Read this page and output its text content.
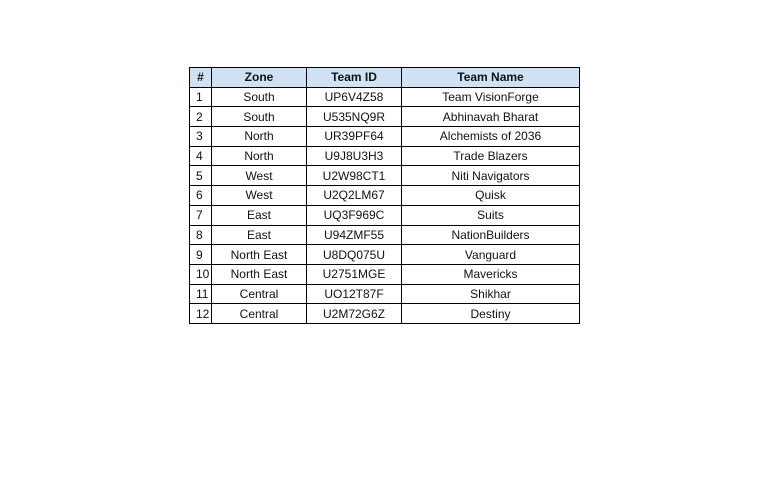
#	Zone	Team ID	Team Name
1	South	UP6V4Z58	Team VisionForge
2	South	U535NQ9R	Abhinavah Bharat
3	North	UR39PF64	Alchemists of 2036
4	North	U9J8U3H3	Trade Blazers
5	West	U2W98CT1	Niti Navigators
6	West	U2Q2LM67	Quisk
7	East	UQ3F969C	Suits
8	East	U94ZMF55	NationBuilders
9	North East	U8DQ075U	Vanguard
10	North East	U2751MGE	Mavericks
11	Central	UO12T87F	Shikhar
12	Central	U2M72G6Z	Destiny
